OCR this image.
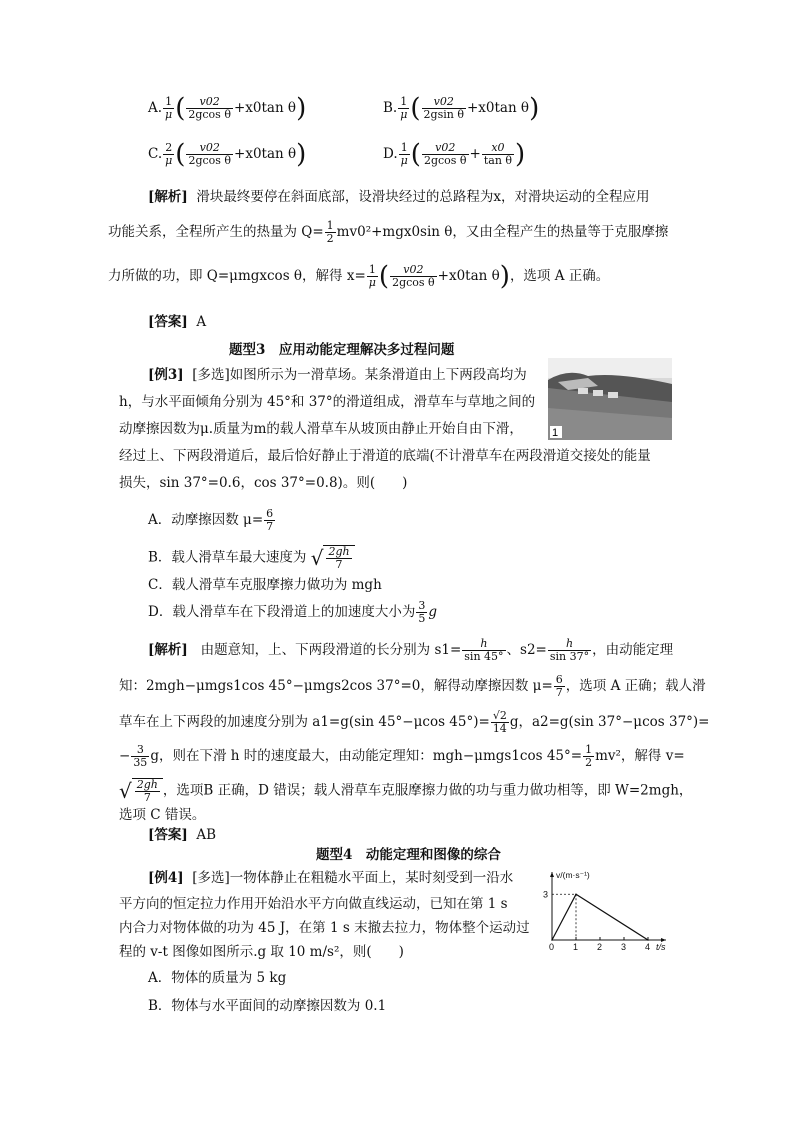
A. $\frac{1}{\mu}$ ( $\frac{v02}{\text{2gcos θ}} +x0\tan$ θ)	B. $\frac{1}{\mu}$ ( $\frac{v02}{\text{2gsin θ}} +x0\tan$ θ)
C. $\frac{2}{\mu}$ ( $\frac{v02}{\text{2gcos θ}} +x0\tan$ θ)	D. $\frac{1}{\mu}$ ( $\frac{v02}{\text{2gcos θ}} + \frac{x0}{\text{tan θ}}$ )
[解析] 滑块最终要停在斜面底部，设滑块经过的总路程为x，对滑块运动的全程应用
功能关系，全程所产生的热量为 $Q= \frac{1}{2} mv0^2+mgx0\sin$ θ，又由全程产生的热量等于克服摩擦
力所做的功，即 Q=μmgxcos θ，解得 $x= \frac{1}{\mu}$ ( $\frac{v02}{\text{2gcos θ}} +x0\tan$ θ)，选项 A 正确。
[答案] A
题型3　应用动能定理解决多过程问题
[例3] [多选]如图所示为一滑草场。某条滑道由上下两段高均为
h，与水平面倾角分别为 45°和 37°的滑道组成，滑草车与草地之间的
动摩擦因数为μ.质量为m的载人滑草车从坡顶由静止开始自由下滑，
经过上、下两段滑道后，最后恰好静止于滑道的底端(不计滑草车在两段滑道交接处的能量
损失，sin 37°=0.6，cos 37°=0.8)。则(　　)
1
A．动摩擦因数 $\mu= \frac{6}{7}$
B．载人滑草车最大速度为 √ $\frac{2gh}{7}$
C．载人滑草车克服摩擦力做功为 mgh
D．载人滑草车在下段滑道上的加速度大小为 $\frac{3}{5}$ g
[解析] 由题意知，上、下两段滑道的长分别为 $s1= \frac{h}{\sin 45^\circ}$ 、$s2= \frac{h}{\sin 37^\circ}$ ，由动能定理
知：2mgh−μmgs1cos 45°−μmgs2cos 37°=0，解得动摩擦因数 $\mu= \frac{6}{7}$ ，选项 A 正确；载人滑
草车在上下两段的加速度分别为 a1=g(sin 45°−μcos $45^\circ)= \frac{√2}{14}$ g，a2=g(sin 37°−μcos 37°)=
− $\frac{3}{35}$ g，则在下滑 h 时的速度最大，由动能定理知：mgh−μmgs1cos $45^\circ= \frac{1}{2} mv^2$，解得 v=
√ $\frac{2gh}{7}$ ，选项B 正确，D 错误；载人滑草车克服摩擦力做的功与重力做功相等，即 W=2mgh，
选项 C 错误。
[答案] AB
题型4　动能定理和图像的综合
[例4] [多选]一物体静止在粗糙水平面上，某时刻受到一沿水
平方向的恒定拉力作用开始沿水平方向做直线运动，已知在第 1 s
内合力对物体做的功为 45 J，在第 1 s 末撤去拉力，物体整个运动过
程的 v-t 图像如图所示.g 取 10 m/s²，则(　　)
A．物体的质量为 5 kg
B．物体与水平面间的动摩擦因数为 0.1
0 1 2 3 4
3
v/(m·s⁻¹)
t/s
